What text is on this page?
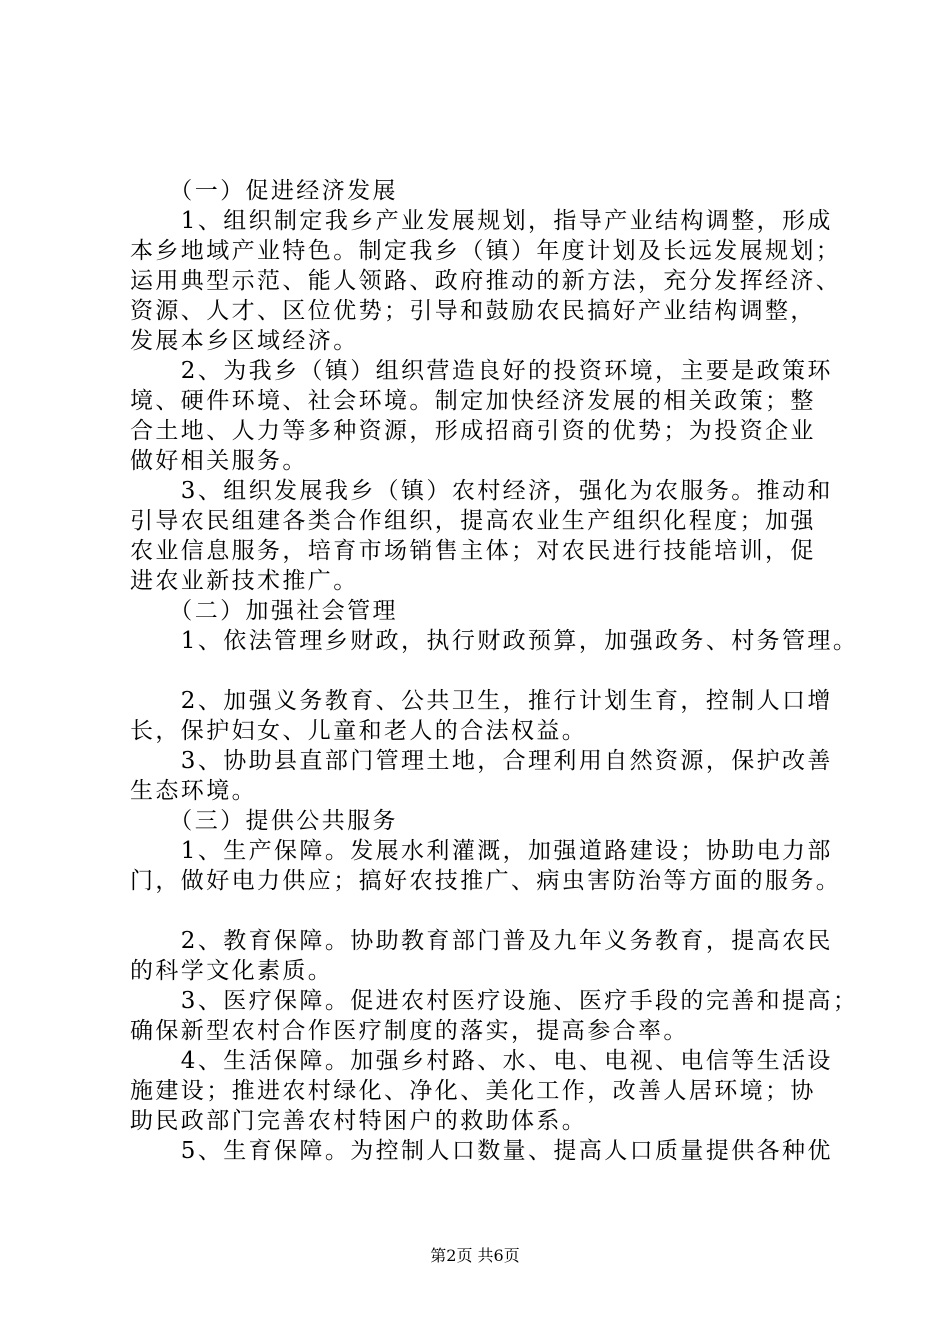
　　（一）促进经济发展
　　1、组织制定我乡产业发展规划，指导产业结构调整，形成
本乡地域产业特色。制定我乡（镇）年度计划及长远发展规划；
运用典型示范、能人领路、政府推动的新方法，充分发挥经济、
资源、人才、区位优势；引导和鼓励农民搞好产业结构调整，
发展本乡区域经济。
　　2、为我乡（镇）组织营造良好的投资环境，主要是政策环
境、硬件环境、社会环境。制定加快经济发展的相关政策；整
合土地、人力等多种资源，形成招商引资的优势；为投资企业
做好相关服务。
　　3、组织发展我乡（镇）农村经济，强化为农服务。推动和
引导农民组建各类合作组织，提高农业生产组织化程度；加强
农业信息服务，培育市场销售主体；对农民进行技能培训，促
进农业新技术推广。
　　（二）加强社会管理
　　1、依法管理乡财政，执行财政预算，加强政务、村务管理。
　　2、加强义务教育、公共卫生，推行计划生育，控制人口增
长，保护妇女、儿童和老人的合法权益。
　　3、协助县直部门管理土地，合理利用自然资源，保护改善
生态环境。
　　（三）提供公共服务
　　1、生产保障。发展水利灌溉，加强道路建设；协助电力部
门，做好电力供应；搞好农技推广、病虫害防治等方面的服务。
　　2、教育保障。协助教育部门普及九年义务教育，提高农民
的科学文化素质。
　　3、医疗保障。促进农村医疗设施、医疗手段的完善和提高；
确保新型农村合作医疗制度的落实，提高参合率。
　　4、生活保障。加强乡村路、水、电、电视、电信等生活设
施建设；推进农村绿化、净化、美化工作，改善人居环境；协
助民政部门完善农村特困户的救助体系。
　　5、生育保障。为控制人口数量、提高人口质量提供各种优
第2页 共6页
